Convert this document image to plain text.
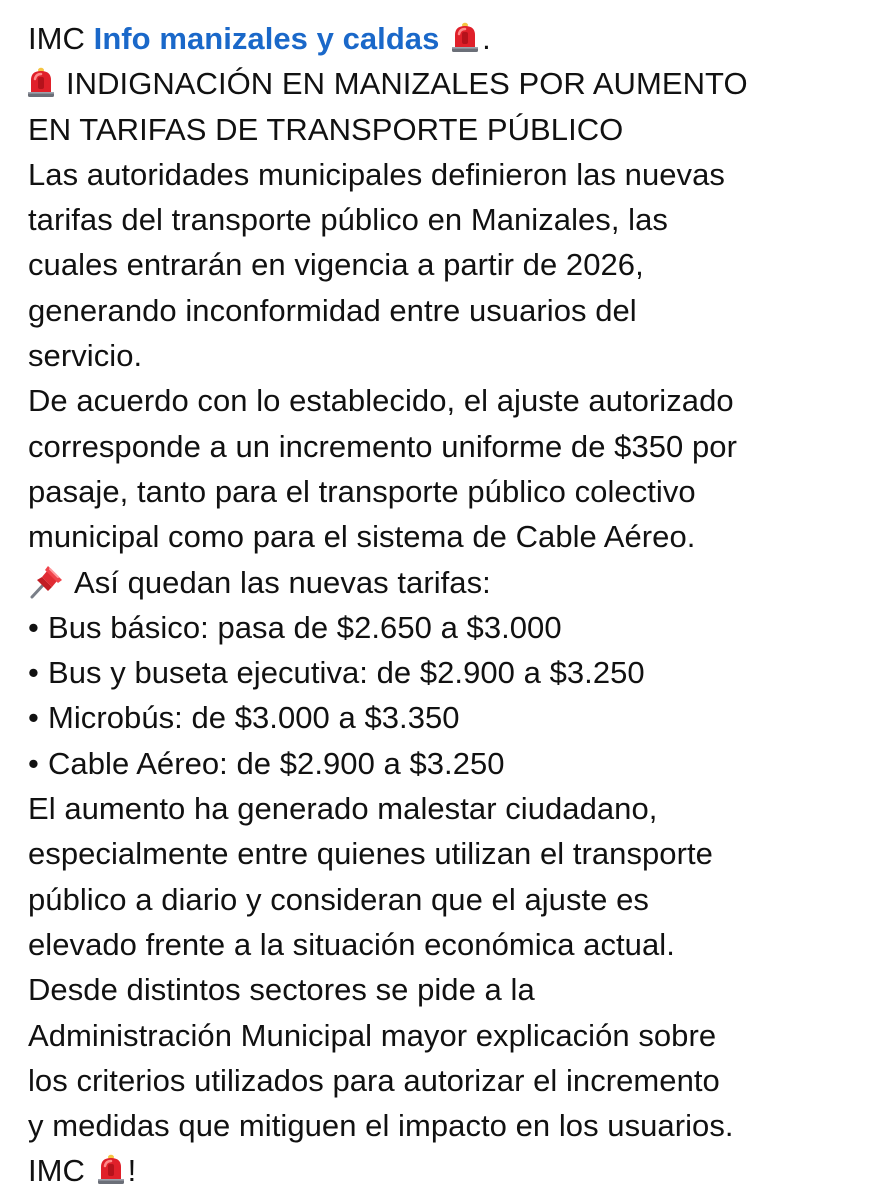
IMC Info manizales y caldas .
INDIGNACIÓN EN MANIZALES POR AUMENTO
EN TARIFAS DE TRANSPORTE PÚBLICO
Las autoridades municipales definieron las nuevas
tarifas del transporte público en Manizales, las
cuales entrarán en vigencia a partir de 2026,
generando inconformidad entre usuarios del
servicio.
De acuerdo con lo establecido, el ajuste autorizado
corresponde a un incremento uniforme de $350 por
pasaje, tanto para el transporte público colectivo
municipal como para el sistema de Cable Aéreo.
Así quedan las nuevas tarifas:
• Bus básico: pasa de $2.650 a $3.000
• Bus y buseta ejecutiva: de $2.900 a $3.250
• Microbús: de $3.000 a $3.350
• Cable Aéreo: de $2.900 a $3.250
El aumento ha generado malestar ciudadano,
especialmente entre quienes utilizan el transporte
público a diario y consideran que el ajuste es
elevado frente a la situación económica actual.
Desde distintos sectores se pide a la
Administración Municipal mayor explicación sobre
los criterios utilizados para autorizar el incremento
y medidas que mitiguen el impacto en los usuarios.
IMC !
